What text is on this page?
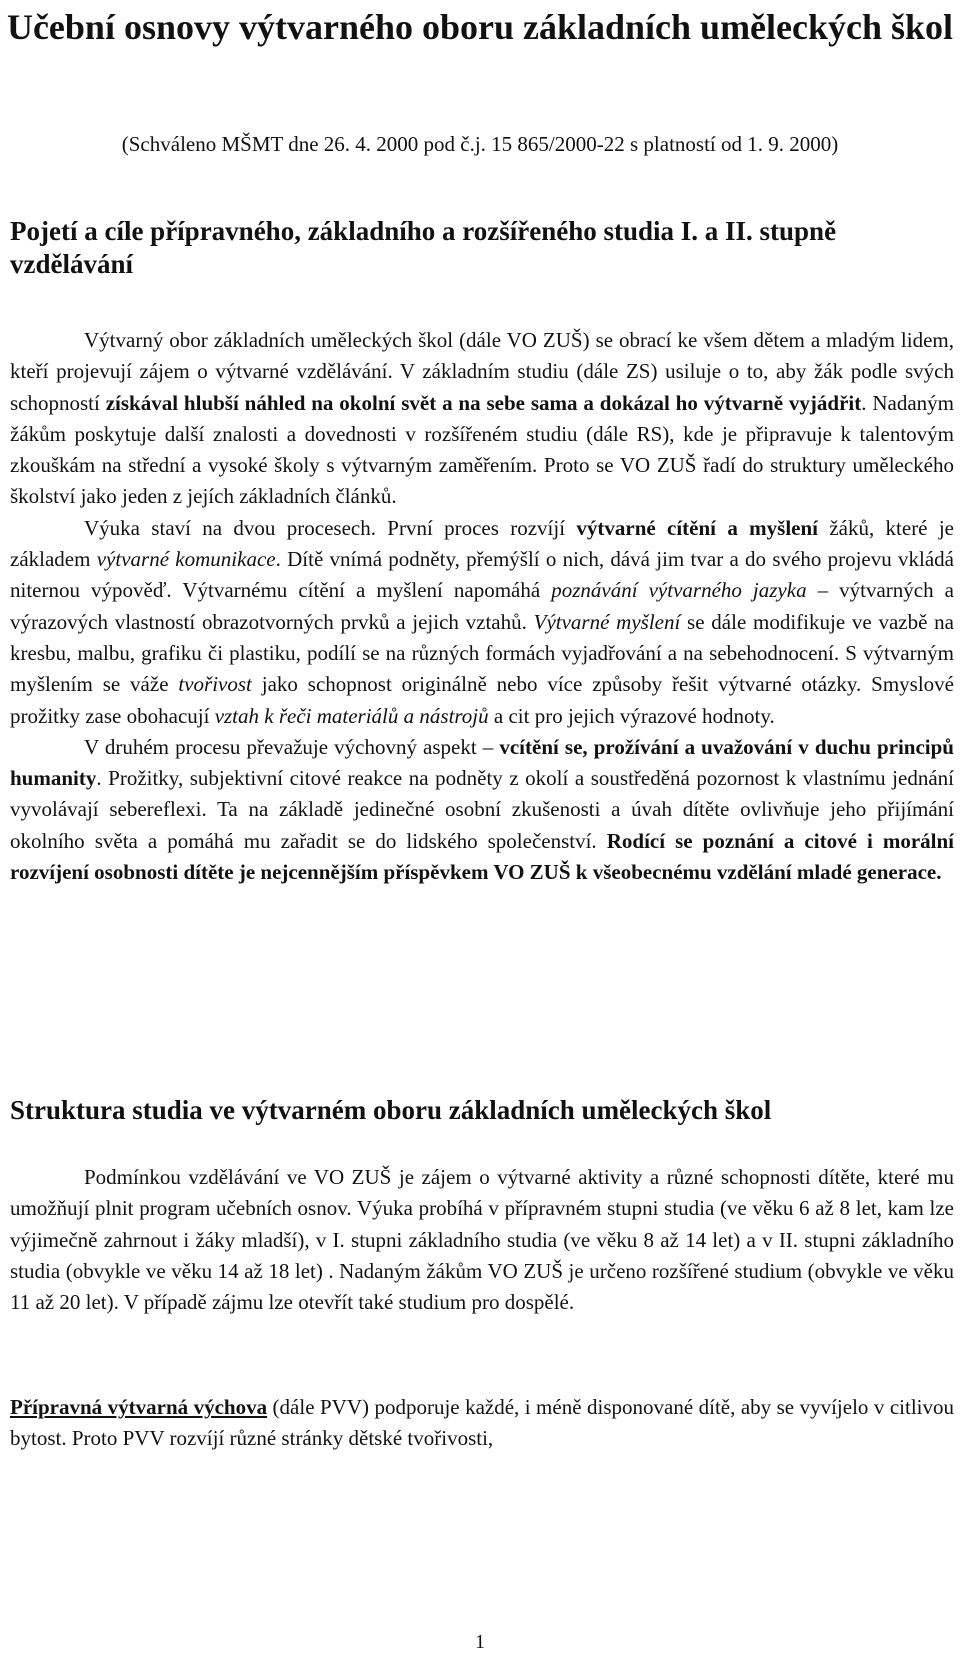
Učební osnovy výtvarného oboru základních uměleckých škol

(Schváleno MŠMT dne 26. 4. 2000 pod č.j. 15 865/2000-22 s platností od 1. 9. 2000)

Pojetí a cíle přípravného, základního a rozšířeného studia I. a II. stupně vzdělávání

Výtvarný obor základních uměleckých škol (dále VO ZUŠ) se obrací ke všem dětem a mladým lidem, kteří projevují zájem o výtvarné vzdělávání. V základním studiu (dále ZS) usiluje o to, aby žák podle svých schopností získával hlubší náhled na okolní svět a na sebe sama a dokázal ho výtvarně vyjádřit. Nadaným žákům poskytuje další znalosti a dovednosti v rozšířeném studiu (dále RS), kde je připravuje k talentovým zkouškám na střední a vysoké školy s výtvarným zaměřením. Proto se VO ZUŠ řadí do struktury uměleckého školství jako jeden z jejích základních článků.
Výuka staví na dvou procesech. První proces rozvíjí výtvarné cítění a myšlení žáků, které je základem výtvarné komunikace. Dítě vnímá podněty, přemýšlí o nich, dává jim tvar a do svého projevu vkládá niternou výpověď. Výtvarnému cítění a myšlení napomáhá poznávání výtvarného jazyka – výtvarných a výrazových vlastností obrazotvorných prvků a jejich vztahů. Výtvarné myšlení se dále modifikuje ve vazbě na kresbu, malbu, grafiku či plastiku, podílí se na různých formách vyjadřování a na sebehodnocení. S výtvarným myšlením se váže tvořivost jako schopnost originálně nebo více způsoby řešit výtvarné otázky. Smyslové prožitky zase obohacují vztah k řeči materiálů a nástrojů a cit pro jejich výrazové hodnoty.
V druhém procesu převažuje výchovný aspekt – vcítění se, prožívání a uvažování v duchu principů humanity. Prožitky, subjektivní citové reakce na podněty z okolí a soustředěná pozornost k vlastnímu jednání vyvolávají sebereflexi. Ta na základě jedinečné osobní zkušenosti a úvah dítěte ovlivňuje jeho přijímání okolního světa a pomáhá mu zařadit se do lidského společenství. Rodící se poznání a citové i morální rozvíjení osobnosti dítěte je nejcennějším příspěvkem VO ZUŠ k všeobecnému vzdělání mladé generace.

Struktura studia ve výtvarném oboru základních uměleckých škol

Podmínkou vzdělávání ve VO ZUŠ je zájem o výtvarné aktivity a různé schopnosti dítěte, které mu umožňují plnit program učebních osnov. Výuka probíhá v přípravném stupni studia (ve věku 6 až 8 let, kam lze výjimečně zahrnout i žáky mladší), v I. stupni základního studia (ve věku 8 až 14 let) a v II. stupni základního studia (obvykle ve věku 14 až 18 let) . Nadaným žákům VO ZUŠ je určeno rozšířené studium (obvykle ve věku 11 až 20 let). V případě zájmu lze otevřít také studium pro dospělé.

Přípravná výtvarná výchova (dále PVV) podporuje každé, i méně disponované dítě, aby se vyvíjelo v citlivou bytost. Proto PVV rozvíjí různé stránky dětské tvořivosti,

1
